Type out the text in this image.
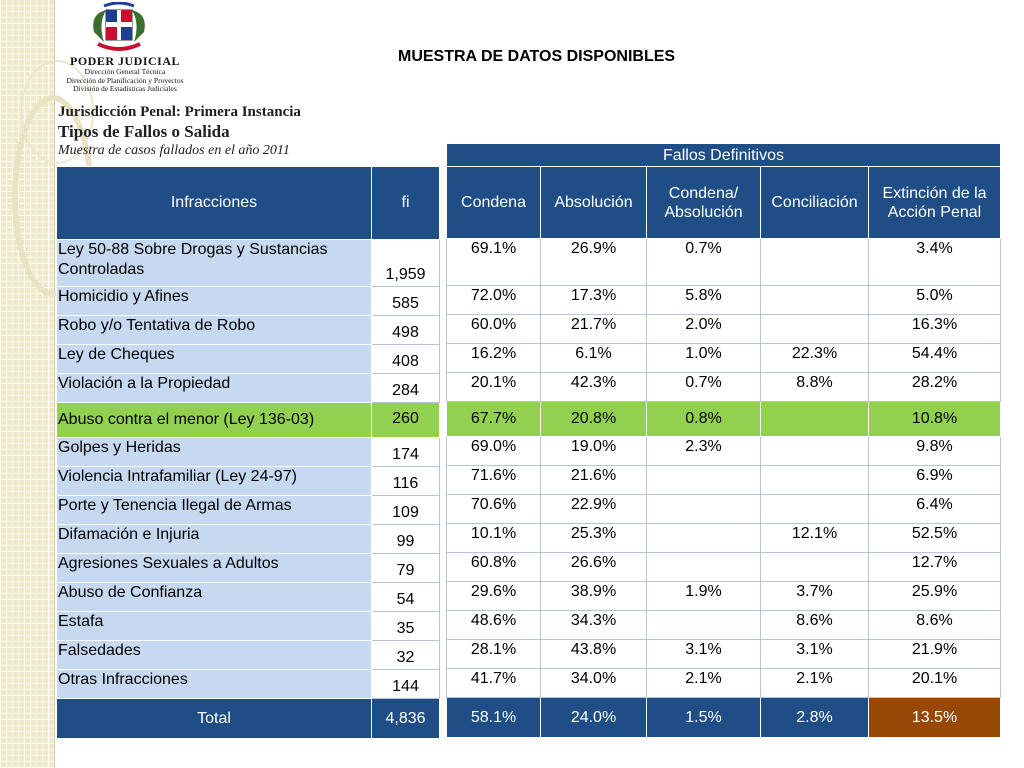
PODER JUDICIAL
Dirección General Técnica
Dirección de Planificación y Proyectos
División de Estadísticas Judiciales
MUESTRA DE DATOS DISPONIBLES
Jurisdicción Penal: Primera Instancia
Tipos de Fallos o Salida
Muestra de casos fallados en el año 2011
Infracciones	fi
Ley 50-88 Sobre Drogas y Sustancias Controladas	1,959
Homicidio y Afines	585
Robo y/o Tentativa de Robo	498
Ley de Cheques	408
Violación a la Propiedad	284
Abuso contra el menor (Ley 136-03)	260
Golpes y Heridas	174
Violencia Intrafamiliar (Ley 24-97)	116
Porte y Tenencia Ilegal de Armas	109
Difamación e Injuria	99
Agresiones Sexuales a Adultos	79
Abuso de Confianza	54
Estafa	35
Falsedades	32
Otras Infracciones	144
Total	4,836
Fallos Definitivos				
Condena	Absolución	Condena/ Absolución	Conciliación	Extinción de la Acción Penal
69.1%	26.9%	0.7%		3.4%
72.0%	17.3%	5.8%		5.0%
60.0%	21.7%	2.0%		16.3%
16.2%	6.1%	1.0%	22.3%	54.4%
20.1%	42.3%	0.7%	8.8%	28.2%
67.7%	20.8%	0.8%		10.8%
69.0%	19.0%	2.3%		9.8%
71.6%	21.6%			6.9%
70.6%	22.9%			6.4%
10.1%	25.3%		12.1%	52.5%
60.8%	26.6%			12.7%
29.6%	38.9%	1.9%	3.7%	25.9%
48.6%	34.3%		8.6%	8.6%
28.1%	43.8%	3.1%	3.1%	21.9%
41.7%	34.0%	2.1%	2.1%	20.1%
58.1%	24.0%	1.5%	2.8%	13.5%
